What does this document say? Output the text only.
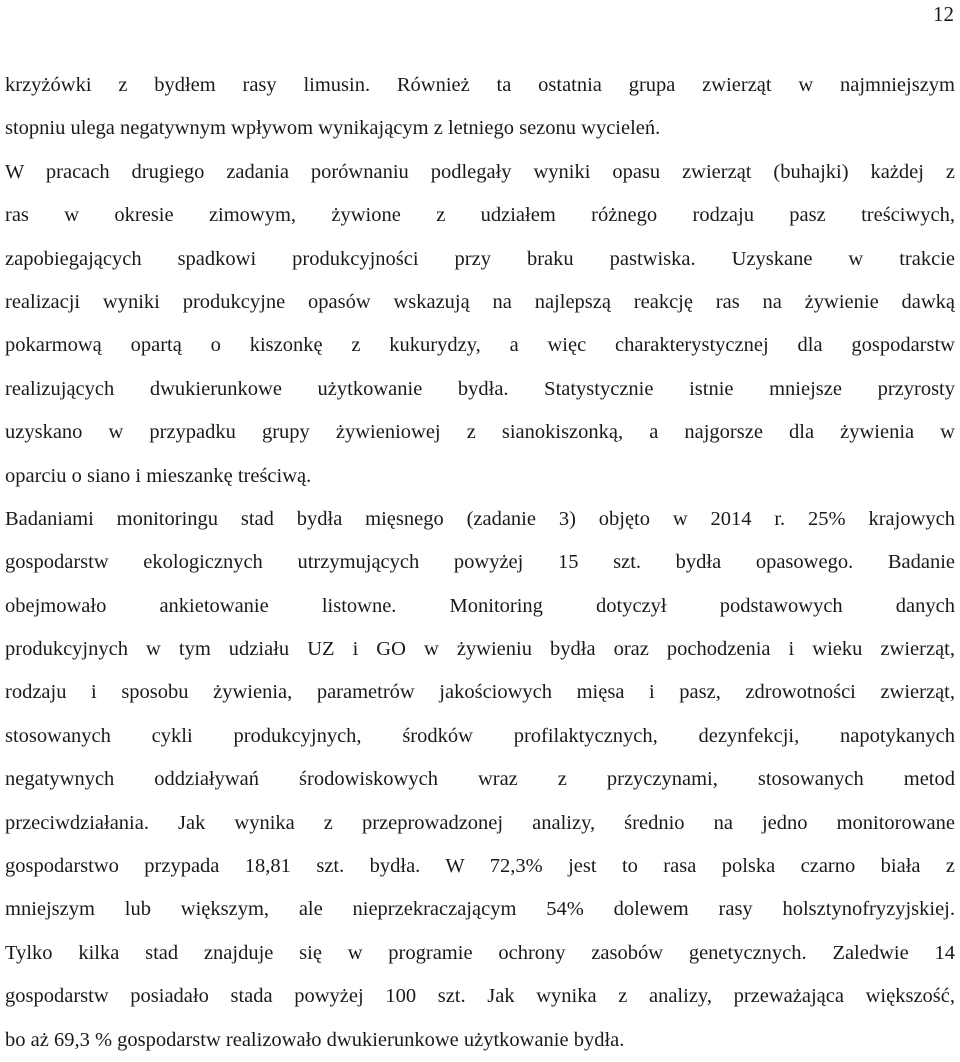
12
krzyżówki z bydłem rasy limusin. Również ta ostatnia grupa zwierząt w najmniejszym
stopniu ulega negatywnym wpływom wynikającym z letniego sezonu wycieleń.
W pracach drugiego zadania porównaniu podlegały wyniki opasu zwierząt (buhajki) każdej z
ras w okresie zimowym, żywione z udziałem różnego rodzaju pasz treściwych,
zapobiegających spadkowi produkcyjności przy braku pastwiska. Uzyskane w trakcie
realizacji wyniki produkcyjne opasów wskazują na najlepszą reakcję ras na żywienie dawką
pokarmową opartą o kiszonkę z kukurydzy, a więc charakterystycznej dla gospodarstw
realizujących dwukierunkowe użytkowanie bydła. Statystycznie istnie mniejsze przyrosty
uzyskano w przypadku grupy żywieniowej z sianokiszonką, a najgorsze dla żywienia w
oparciu o siano i mieszankę treściwą.
Badaniami monitoringu stad bydła mięsnego (zadanie 3) objęto w 2014 r. 25% krajowych
gospodarstw ekologicznych utrzymujących powyżej 15 szt. bydła opasowego. Badanie
obejmowało ankietowanie listowne. Monitoring dotyczył podstawowych danych
produkcyjnych w tym udziału UZ i GO w żywieniu bydła oraz pochodzenia i wieku zwierząt,
rodzaju i sposobu żywienia, parametrów jakościowych mięsa i pasz, zdrowotności zwierząt,
stosowanych cykli produkcyjnych, środków profilaktycznych, dezynfekcji, napotykanych
negatywnych oddziaływań środowiskowych wraz z przyczynami, stosowanych metod
przeciwdziałania. Jak wynika z przeprowadzonej analizy, średnio na jedno monitorowane
gospodarstwo przypada 18,81 szt. bydła. W 72,3% jest to rasa polska czarno biała z
mniejszym lub większym, ale nieprzekraczającym 54% dolewem rasy holsztynofryzyjskiej.
Tylko kilka stad znajduje się w programie ochrony zasobów genetycznych. Zaledwie 14
gospodarstw posiadało stada powyżej 100 szt. Jak wynika z analizy, przeważająca większość,
bo aż 69,3 % gospodarstw realizowało dwukierunkowe użytkowanie bydła.
